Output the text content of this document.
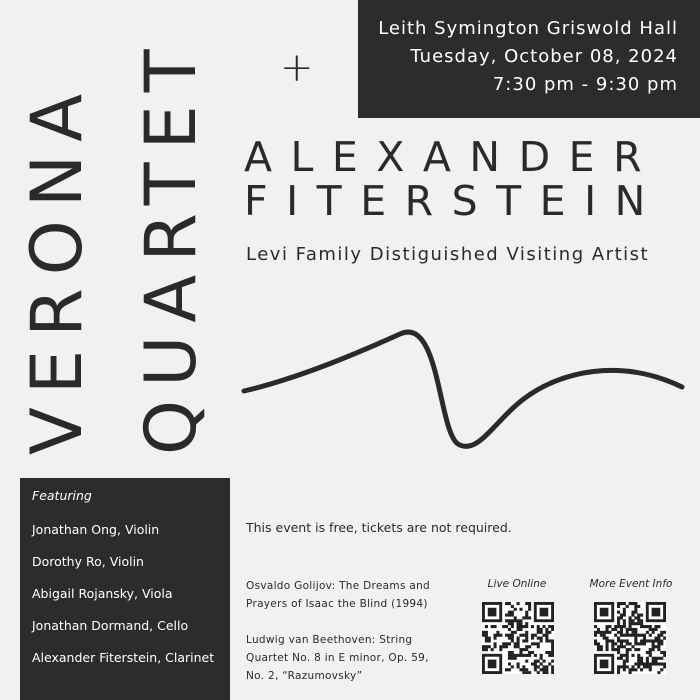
VERONA QUARTET +
Leith Symington Griswold Hall
Tuesday, October 08, 2024
7:30 pm - 9:30 pm
ALEXANDER
FITERSTEIN
Levi Family Distiguished Visiting Artist
Featuring
Jonathan Ong, Violin
Dorothy Ro, Violin
Abigail Rojansky, Viola
Jonathan Dormand, Cello
Alexander Fiterstein, Clarinet
This event is free, tickets are not required.
Osvaldo Golijov: The Dreams and Prayers of Isaac the Blind (1994)
Ludwig van Beethoven: String Quartet No. 8 in E minor, Op. 59, No. 2, “Razumovsky”
Live Online	More Event Info
